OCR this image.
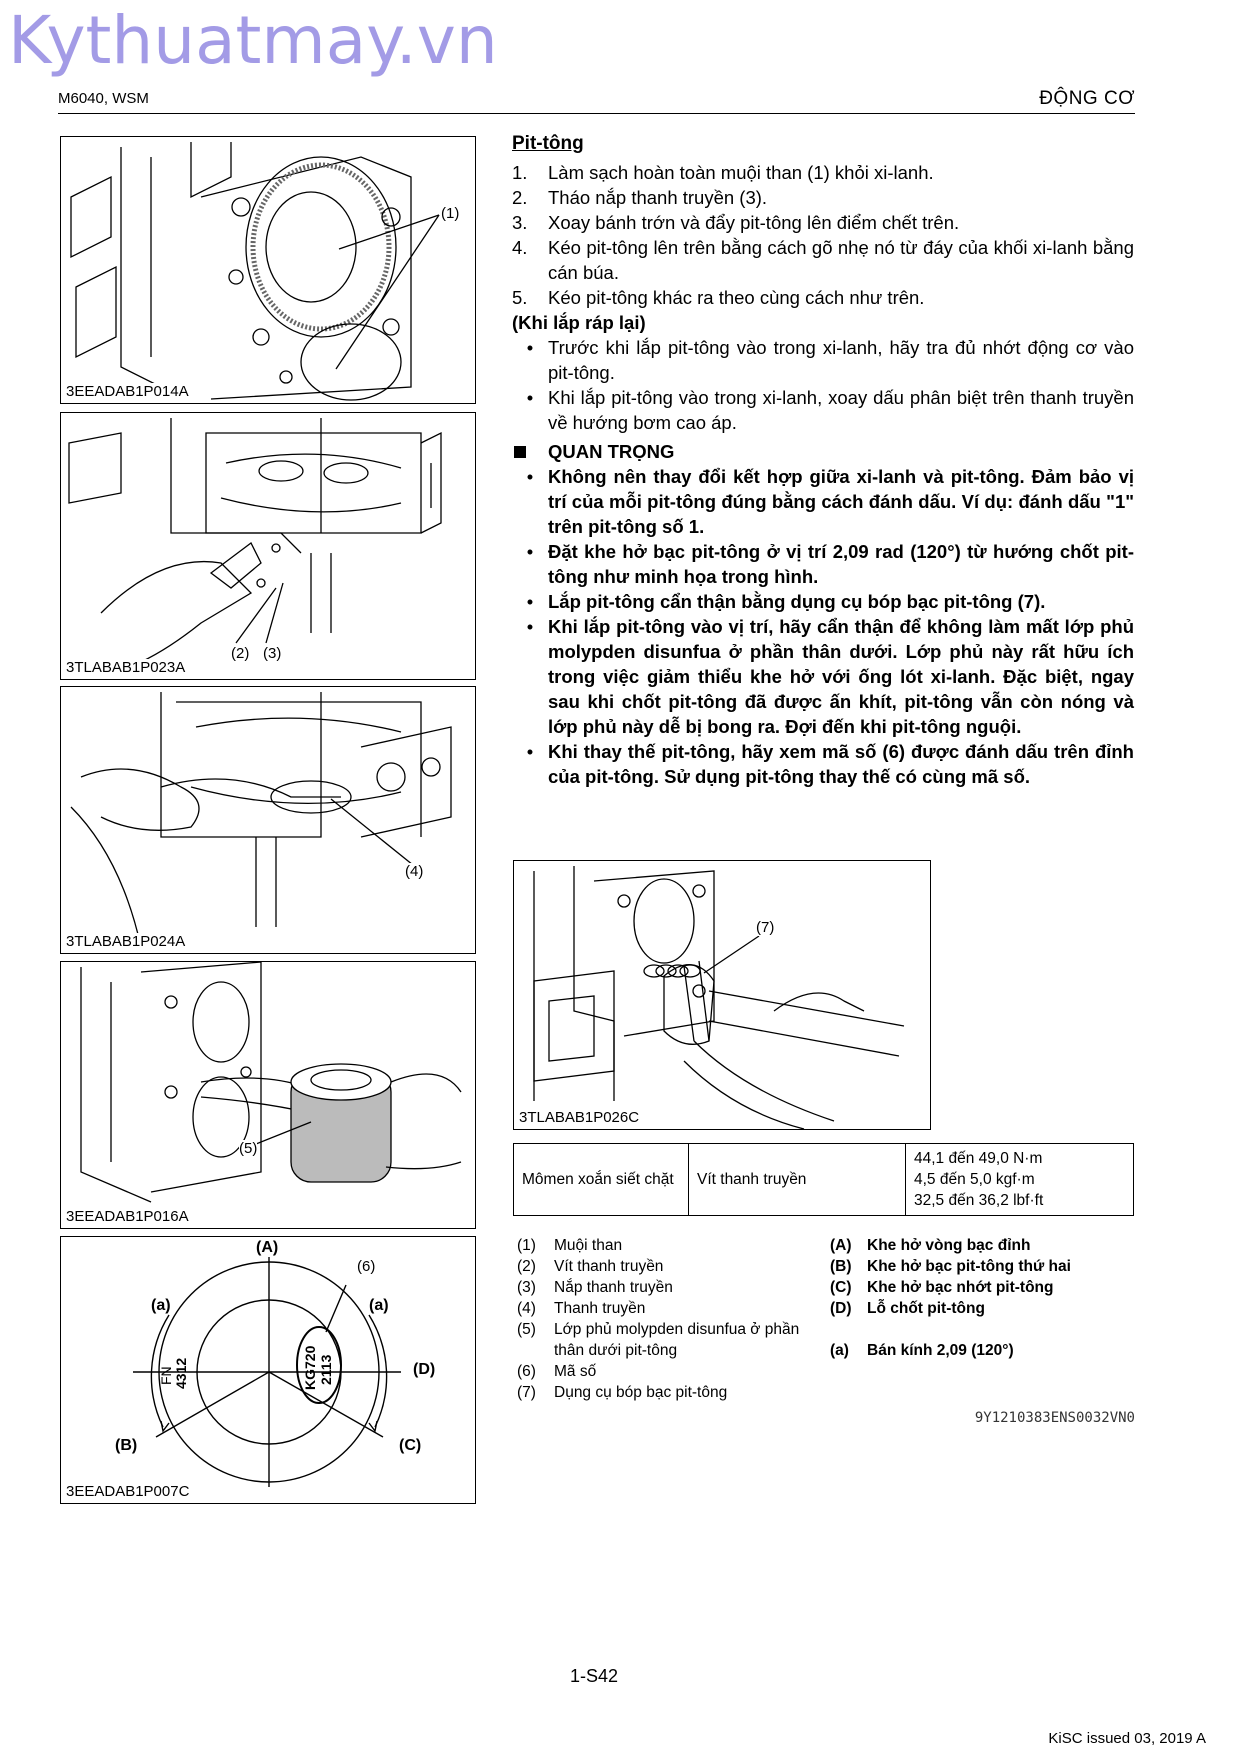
Kythuatmay.vn
M6040, WSM	ĐỘNG CƠ
(1)
3EEADAB1P014A
(2) (3)
3TLABAB1P023A
(4)
3TLABAB1P024A
(5)
3EEADAB1P016A
FN 4312	KG720 2113
(A)
(6)
(a)	(a)
(D)
(B)	(C)
3EEADAB1P007C
Pit-tông
1.	Làm sạch hoàn toàn muội than (1) khỏi xi-lanh.
2.	Tháo nắp thanh truyền (3).
3.	Xoay bánh trớn và đẩy pit-tông lên điểm chết trên.
4.	Kéo pit-tông lên trên bằng cách gõ nhẹ nó từ đáy của khối xi-lanh bằng cán búa.
5.	Kéo pit-tông khác ra theo cùng cách như trên.
(Khi lắp ráp lại)
• Trước khi lắp pit-tông vào trong xi-lanh, hãy tra đủ nhớt động cơ vào pit-tông.
• Khi lắp pit-tông vào trong xi-lanh, xoay dấu phân biệt trên thanh truyền về hướng bơm cao áp.
QUAN TRỌNG
• Không nên thay đổi kết hợp giữa xi-lanh và pit-tông. Đảm bảo vị trí của mỗi pit-tông đúng bằng cách đánh dấu. Ví dụ: đánh dấu "1" trên pit-tông số 1.
• Đặt khe hở bạc pit-tông ở vị trí 2,09 rad (120°) từ hướng chốt pit-tông như minh họa trong hình.
• Lắp pit-tông cẩn thận bằng dụng cụ bóp bạc pit-tông (7).
• Khi lắp pit-tông vào vị trí, hãy cẩn thận để không làm mất lớp phủ molypden disunfua ở phần thân dưới. Lớp phủ này rất hữu ích trong việc giảm thiểu khe hở với ống lót xi-lanh. Đặc biệt, ngay sau khi chốt pit-tông đã được ấn khít, pit-tông vẫn còn nóng và lớp phủ này dễ bị bong ra. Đợi đến khi pit-tông nguội.
• Khi thay thế pit-tông, hãy xem mã số (6) được đánh dấu trên đỉnh của pit-tông. Sử dụng pit-tông thay thế có cùng mã số.
(7)
3TLABAB1P026C
Mômen xoắn siết chặt	Vít thanh truyền	
44,1 đến 49,0 N·m
4,5 đến 5,0 kgf·m
32,5 đến 36,2 lbf·ft
(1)	Muội than
(2)	Vít thanh truyền
(3)	Nắp thanh truyền
(4)	Thanh truyền
(5)	Lớp phủ molypden disunfua ở phần thân dưới pit-tông
(6)	Mã số
(7)	Dụng cụ bóp bạc pit-tông
(A) Khe hở vòng bạc đỉnh
(B) Khe hở bạc pit-tông thứ hai
(C) Khe hở bạc nhớt pit-tông
(D) Lỗ chốt pit-tông
(a)	Bán kính 2,09 (120°)
9Y1210383ENS0032VN0
1-S42
KiSC issued 03, 2019 A
